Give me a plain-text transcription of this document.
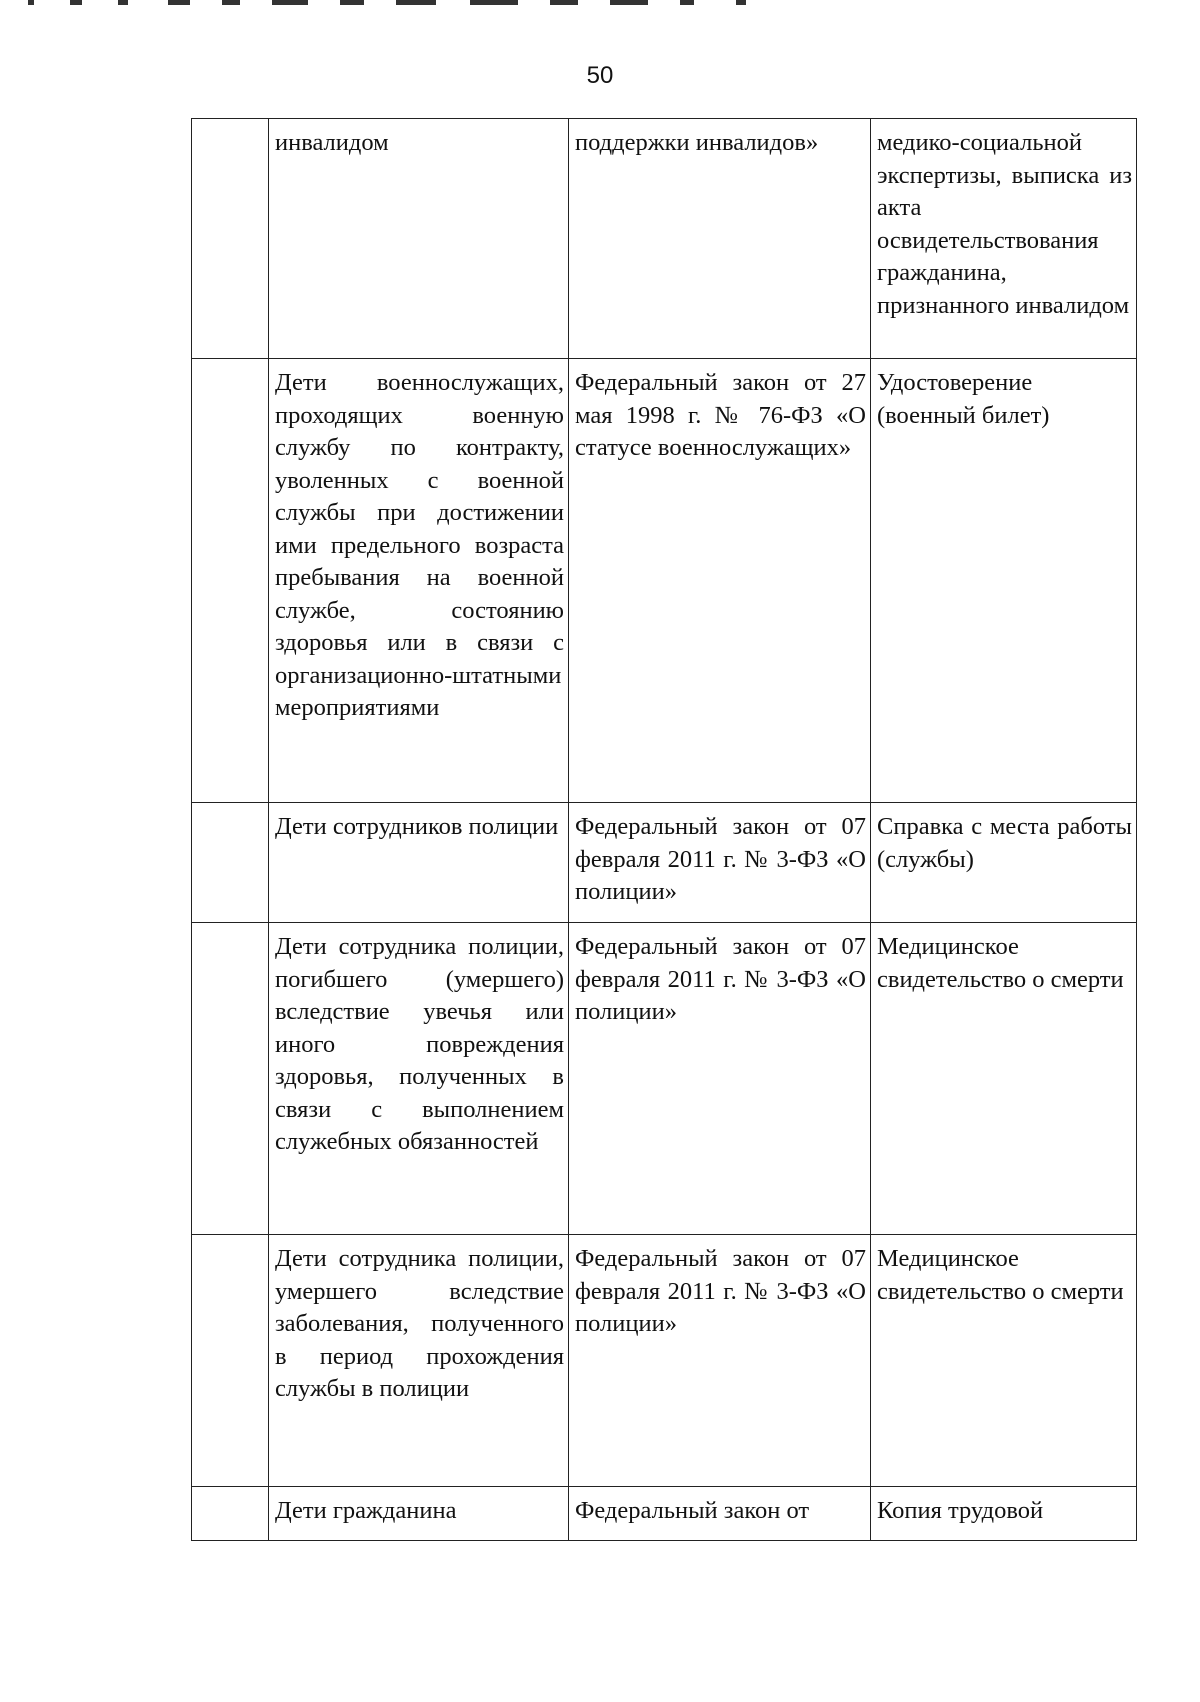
50

	инвалидом	поддержки инвалидов»	медико-социальной экспертизы, выписка из акта освидетельствования гражданина, признанного инвалидом

	Дети военнослужащих, проходящих военную службу по контракту, уволенных с военной службы при достижении ими предельного возраста пребывания на военной службе, состоянию здоровья или в связи с организационно-штатными мероприятиями	Федеральный закон от 27 мая 1998 г. № 76-ФЗ «О статусе военнослужащих»	Удостоверение (военный билет)

	Дети сотрудников полиции	Федеральный закон от 07 февраля 2011 г. № 3-ФЗ «О полиции»	Справка с места работы (службы)

	Дети сотрудника полиции, погибшего (умершего) вследствие увечья или иного повреждения здоровья, полученных в связи с выполнением служебных обязанностей	Федеральный закон от 07 февраля 2011 г. № 3-ФЗ «О полиции»	Медицинское свидетельство о смерти

	Дети сотрудника полиции, умершего вследствие заболевания, полученного в период прохождения службы в полиции	Федеральный закон от 07 февраля 2011 г. № 3-ФЗ «О полиции»	Медицинское свидетельство о смерти

	Дети гражданина	Федеральный закон от	Копия трудовой
